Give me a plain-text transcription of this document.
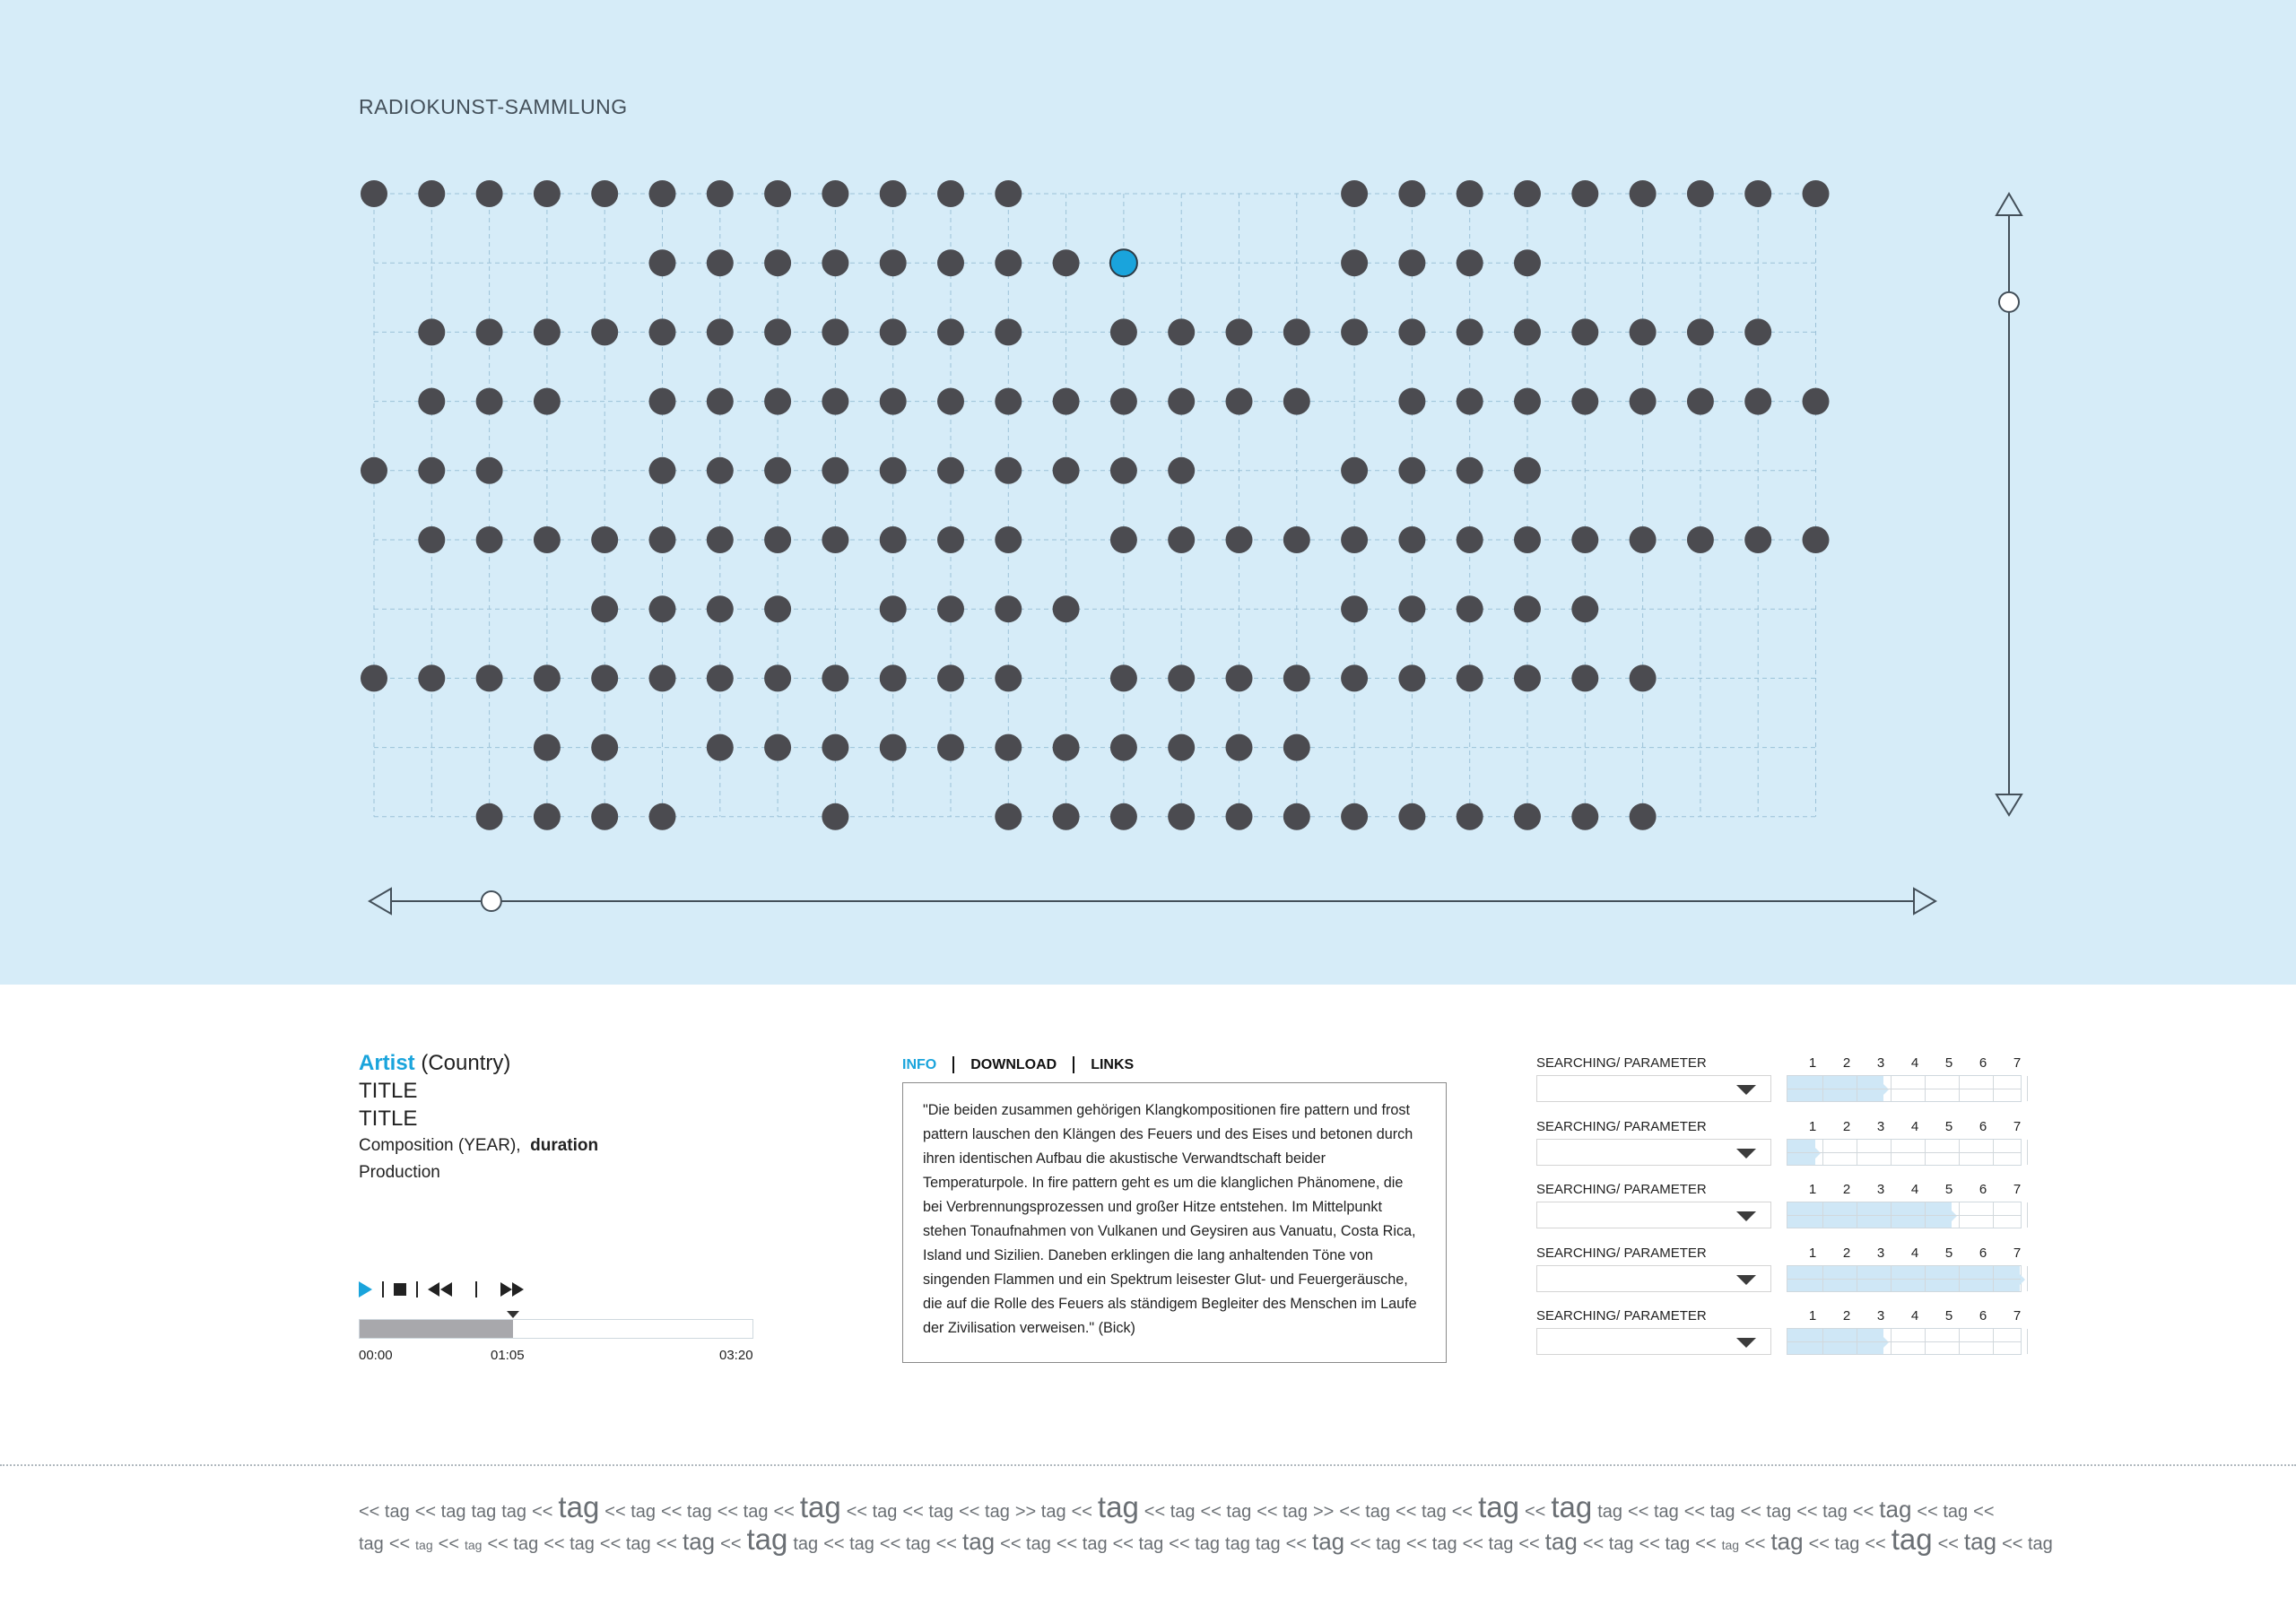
RADIOKUNST-SAMMLUNG
Artist (Country)
TITLE
TITLE
Composition (YEAR), duration
Production
00:00	01:05	03:20
INFO DOWNLOAD LINKS
"Die beiden zusammen gehörigen Klangkompositionen fire pattern und frost pattern lauschen den Klängen des Feuers und des Eises und betonen durch ihren identischen Aufbau die akustische Verwandtschaft beider Temperaturpole. In fire pattern geht es um die klanglichen Phänomene, die bei Verbrennungsprozessen und großer Hitze entstehen. Im Mittelpunkt stehen Tonaufnahmen von Vulkanen und Geysiren aus Vanuatu, Costa Rica, Island und Sizilien. Daneben erklingen die lang anhaltenden Töne von singenden Flammen und ein Spektrum leisester Glut- und Feuergeräusche, die auf die Rolle des Feuers als ständigem Begleiter des Menschen im Laufe der Zivilisation verweisen." (Bick)
SEARCHING/ PARAMETER	1 2 3 4 5 6 7
SEARCHING/ PARAMETER	1 2 3 4 5 6 7
SEARCHING/ PARAMETER	1 2 3 4 5 6 7
SEARCHING/ PARAMETER	1 2 3 4 5 6 7
SEARCHING/ PARAMETER	1 2 3 4 5 6 7
<< tag << tag tag tag << tag << tag << tag << tag << tag << tag << tag << tag >> tag << tag << tag << tag << tag >> << tag << tag << tag << tag tag << tag << tag << tag << tag << tag << tag <<
tag << tag << tag << tag << tag << tag << tag << tag tag << tag << tag << tag << tag << tag << tag << tag tag tag << tag << tag << tag << tag << tag << tag << tag << tag << tag << tag << tag << tag << tag
